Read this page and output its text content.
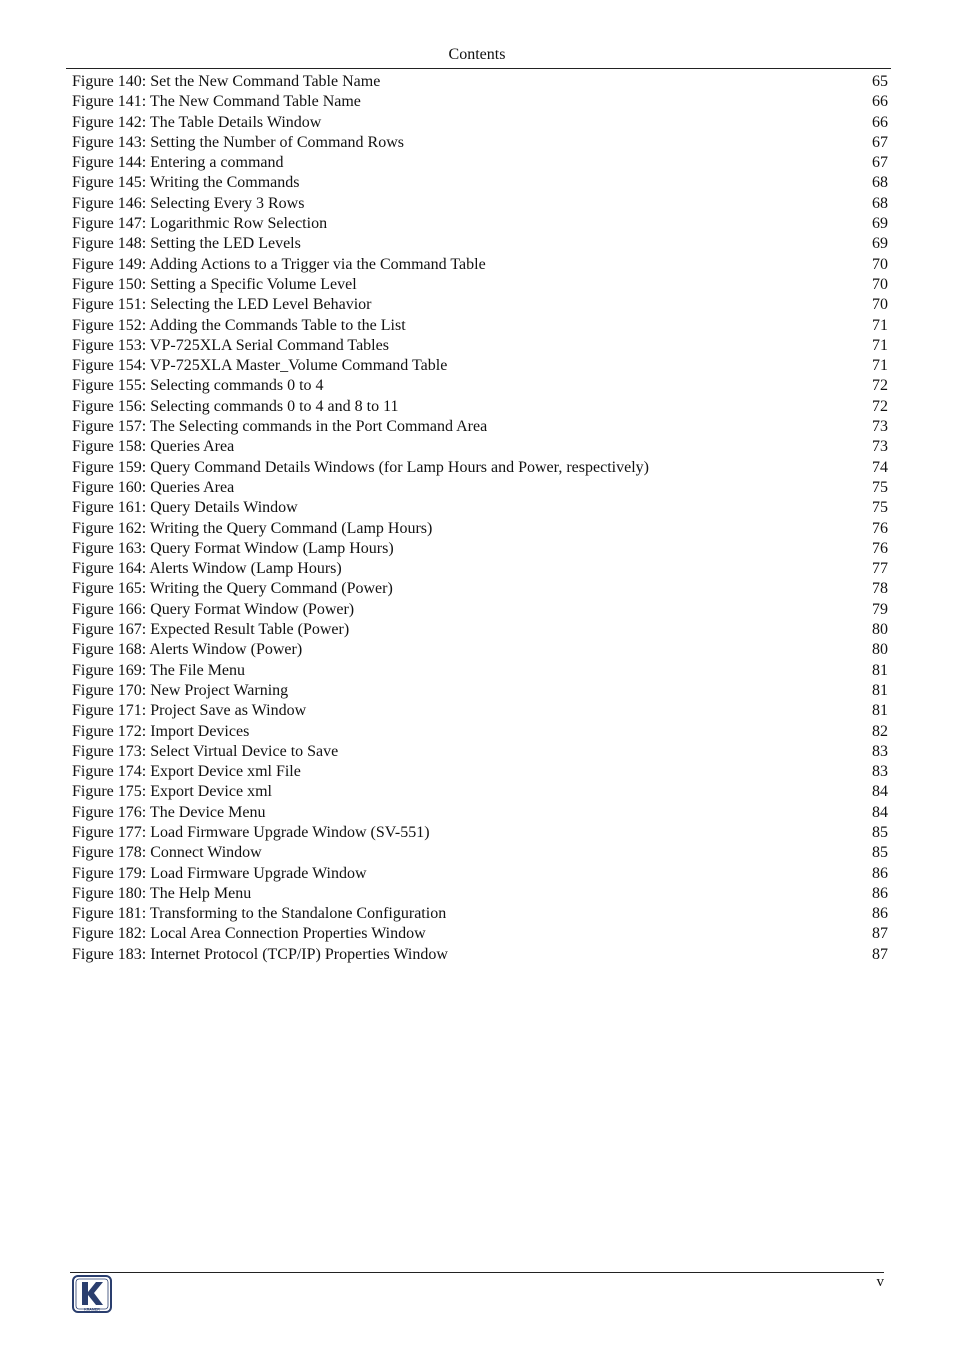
Contents
Figure 140: Set the New Command Table Name	65
Figure 141: The New Command Table Name	66
Figure 142: The Table Details Window	66
Figure 143: Setting the Number of Command Rows	67
Figure 144: Entering a command	67
Figure 145: Writing the Commands	68
Figure 146: Selecting Every 3 Rows	68
Figure 147: Logarithmic Row Selection	69
Figure 148: Setting the LED Levels	69
Figure 149: Adding Actions to a Trigger via the Command Table	70
Figure 150: Setting a Specific Volume Level	70
Figure 151: Selecting the LED Level Behavior	70
Figure 152: Adding the Commands Table to the List	71
Figure 153: VP-725XLA Serial Command Tables	71
Figure 154: VP-725XLA Master_Volume Command Table	71
Figure 155: Selecting commands 0 to 4	72
Figure 156: Selecting commands 0 to 4 and 8 to 11	72
Figure 157: The Selecting commands in the Port Command Area	73
Figure 158: Queries Area	73
Figure 159: Query Command Details Windows (for Lamp Hours and Power, respectively)	74
Figure 160: Queries Area	75
Figure 161: Query Details Window	75
Figure 162: Writing the Query Command (Lamp Hours)	76
Figure 163: Query Format Window (Lamp Hours)	76
Figure 164: Alerts Window (Lamp Hours)	77
Figure 165: Writing the Query Command (Power)	78
Figure 166: Query Format Window (Power)	79
Figure 167: Expected Result Table (Power)	80
Figure 168: Alerts Window (Power)	80
Figure 169: The File Menu	81
Figure 170: New Project Warning	81
Figure 171: Project Save as Window	81
Figure 172: Import Devices	82
Figure 173: Select Virtual Device to Save	83
Figure 174: Export Device xml File	83
Figure 175: Export Device xml	84
Figure 176: The Device Menu	84
Figure 177: Load Firmware Upgrade Window (SV-551)	85
Figure 178: Connect Window	85
Figure 179: Load Firmware Upgrade Window	86
Figure 180: The Help Menu	86
Figure 181: Transforming to the Standalone Configuration	86
Figure 182: Local Area Connection Properties Window	87
Figure 183: Internet Protocol (TCP/IP) Properties Window	87
KRAMER
v
